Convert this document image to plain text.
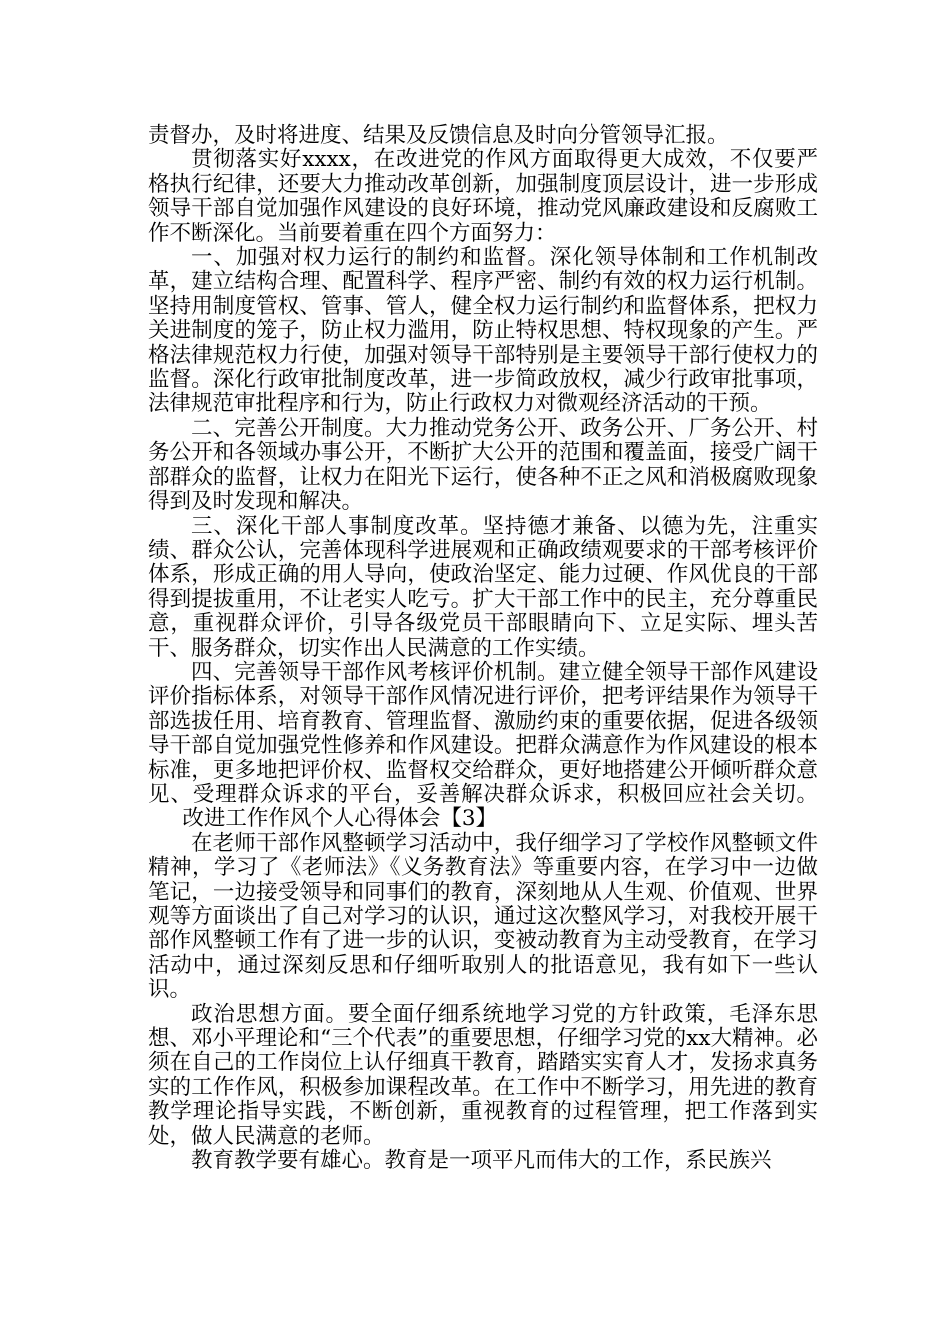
责督办，及时将进度、结果及反馈信息及时向分管领导汇报。

贯彻落实好xxxx，在改进党的作风方面取得更大成效，不仅要严格执行纪律，还要大力推动改革创新，加强制度顶层设计，进一步形成领导干部自觉加强作风建设的良好环境，推动党风廉政建设和反腐败工作不断深化。当前要着重在四个方面努力：

一、加强对权力运行的制约和监督。深化领导体制和工作机制改革，建立结构合理、配置科学、程序严密、制约有效的权力运行机制。坚持用制度管权、管事、管人，健全权力运行制约和监督体系，把权力关进制度的笼子，防止权力滥用，防止特权思想、特权现象的产生。严格法律规范权力行使，加强对领导干部特别是主要领导干部行使权力的监督。深化行政审批制度改革，进一步简政放权，减少行政审批事项，法律规范审批程序和行为，防止行政权力对微观经济活动的干预。

二、完善公开制度。大力推动党务公开、政务公开、厂务公开、村务公开和各领域办事公开，不断扩大公开的范围和覆盖面，接受广阔干部群众的监督，让权力在阳光下运行，使各种不正之风和消极腐败现象得到及时发现和解决。

三、深化干部人事制度改革。坚持德才兼备、以德为先，注重实绩、群众公认，完善体现科学进展观和正确政绩观要求的干部考核评价体系，形成正确的用人导向，使政治坚定、能力过硬、作风优良的干部得到提拔重用，不让老实人吃亏。扩大干部工作中的民主，充分尊重民意，重视群众评价，引导各级党员干部眼睛向下、立足实际、埋头苦干、服务群众，切实作出人民满意的工作实绩。

四、完善领导干部作风考核评价机制。建立健全领导干部作风建设评价指标体系，对领导干部作风情况进行评价，把考评结果作为领导干部选拔任用、培育教育、管理监督、激励约束的重要依据，促进各级领导干部自觉加强党性修养和作风建设。把群众满意作为作风建设的根本标准，更多地把评价权、监督权交给群众，更好地搭建公开倾听群众意见、受理群众诉求的平台，妥善解决群众诉求，积极回应社会关切。改进工作作风个人心得体会【3】

在老师干部作风整顿学习活动中，我仔细学习了学校作风整顿文件精神，学习了《老师法》《义务教育法》等重要内容，在学习中一边做笔记，一边接受领导和同事们的教育，深刻地从人生观、价值观、世界观等方面谈出了自己对学习的认识，通过这次整风学习，对我校开展干部作风整顿工作有了进一步的认识，变被动教育为主动受教育，在学习活动中，通过深刻反思和仔细听取别人的批语意见，我有如下一些认识。

政治思想方面。要全面仔细系统地学习党的方针政策，毛泽东思想、邓小平理论和“三个代表”的重要思想，仔细学习党的xx大精神。必须在自己的工作岗位上认仔细真干教育，踏踏实实育人才，发扬求真务实的工作作风，积极参加课程改革。在工作中不断学习，用先进的教育教学理论指导实践，不断创新，重视教育的过程管理，把工作落到实处，做人民满意的老师。

教育教学要有雄心。教育是一项平凡而伟大的工作，系民族兴
